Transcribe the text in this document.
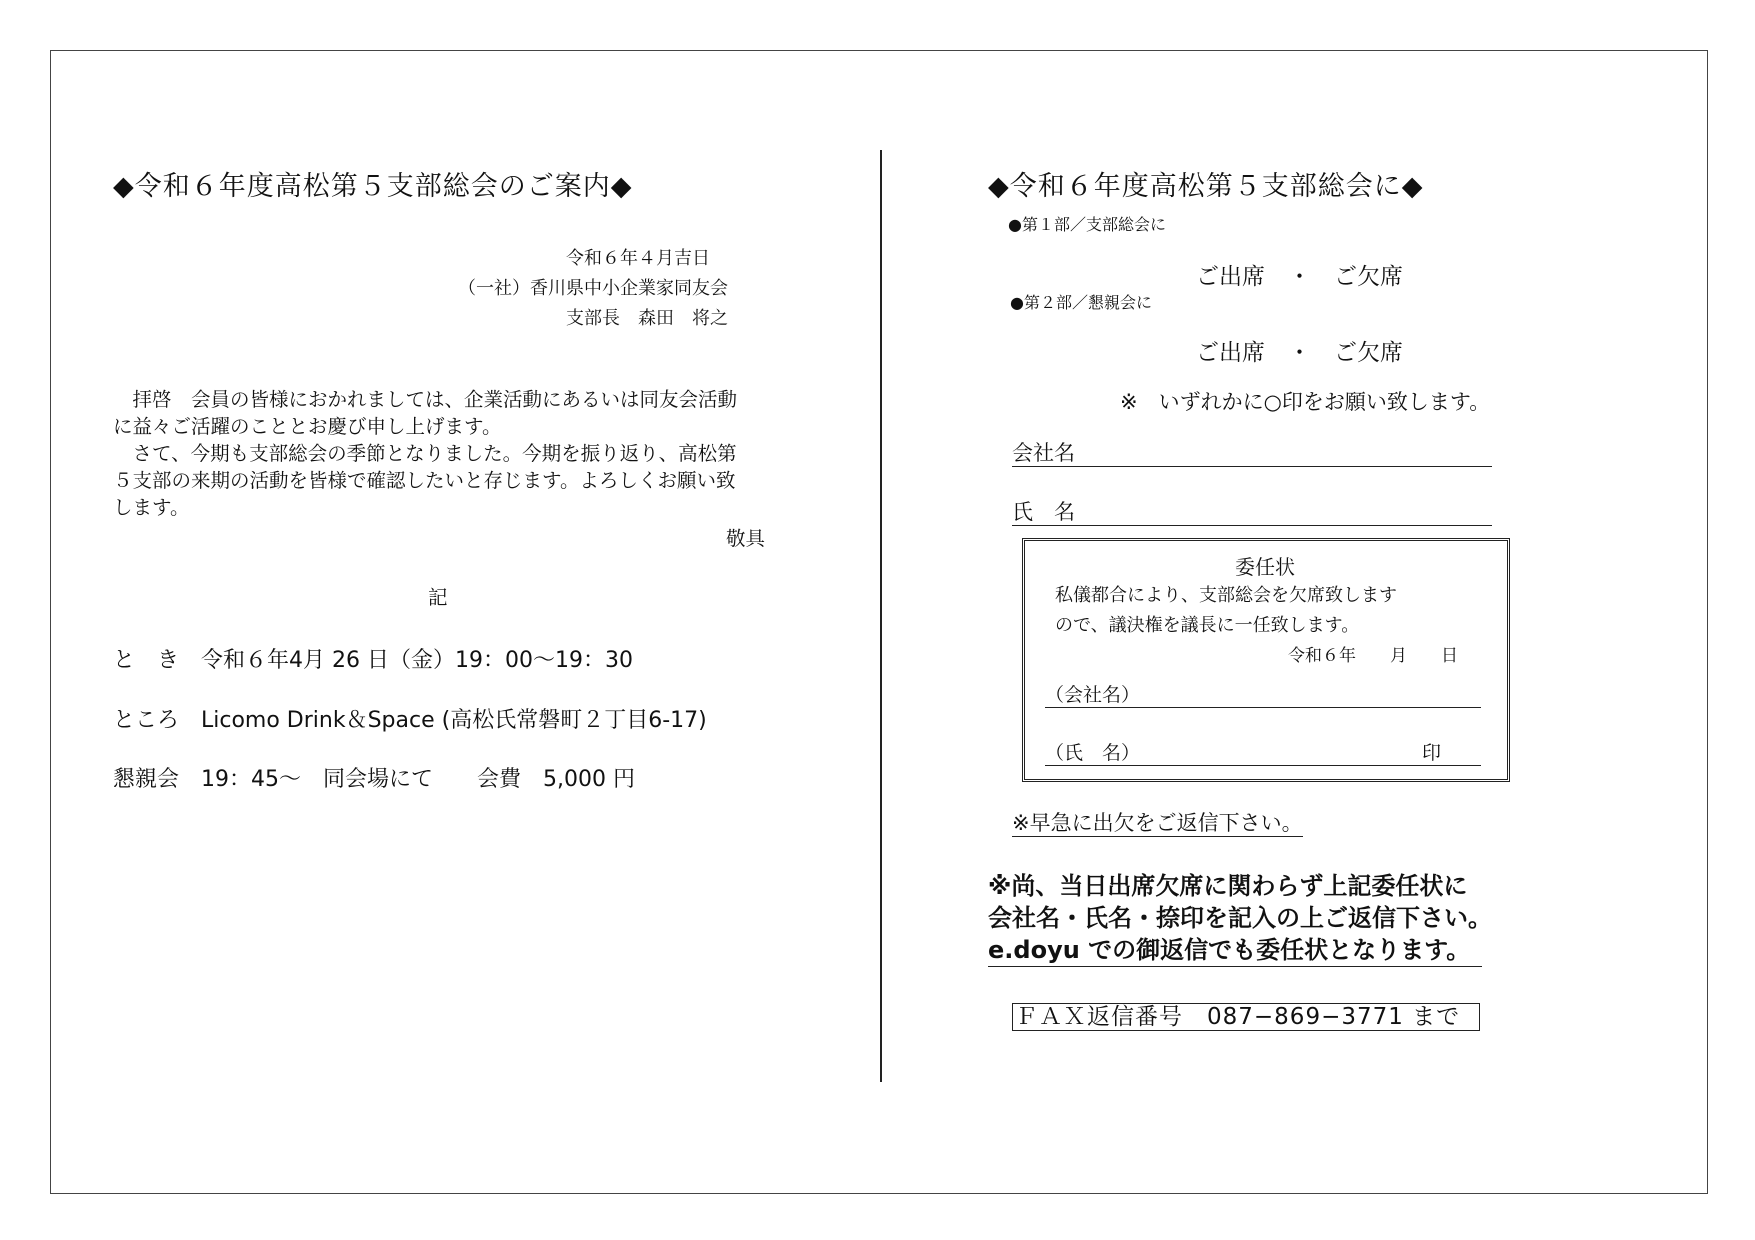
◆令和６年度高松第５支部総会のご案内◆
令和６年４月吉日
（一社）香川県中小企業家同友会
支部長　森田　将之
　拝啓　会員の皆様におかれましては、企業活動にあるいは同友会活動
に益々ご活躍のこととお慶び申し上げます。
　さて、今期も支部総会の季節となりました。今期を振り返り、高松第
５支部の来期の活動を皆様で確認したいと存じます。よろしくお願い致
します。
敬具
記
と　き　令和６年4月 26 日（金）19：00〜19：30
ところ　Licomo Drink＆Space (高松氏常磐町２丁目6-17)
懇親会　19：45〜　同会場にて　　会費　5,000 円
◆令和６年度高松第５支部総会に◆
●第１部／支部総会に
ご出席　・　ご欠席
●第２部／懇親会に
ご出席　・　ご欠席
※　いずれかに○印をお願い致します。
会社名
氏　名
委任状
私儀都合により、支部総会を欠席致します
ので、議決権を議長に一任致します。
令和６年　　月　　日
（会社名）
（氏　名）	印
※早急に出欠をご返信下さい。
※尚、当日出席欠席に関わらず上記委任状に
会社名・氏名・捺印を記入の上ご返信下さい。
e.doyu での御返信でも委任状となります。
ＦＡＸ返信番号　087−869−3771 まで
